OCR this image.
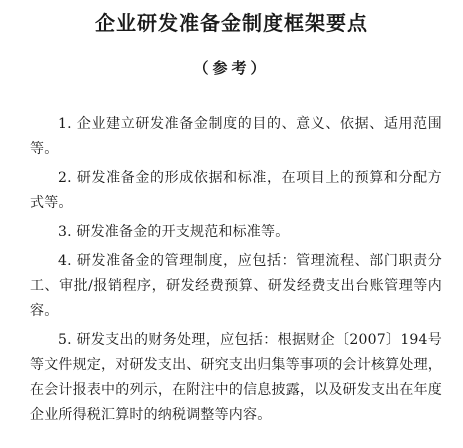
企业研发准备金制度框架要点
（参考）

1. 企业建立研发准备金制度的目的、意义、依据、适用范围等。

2. 研发准备金的形成依据和标准，在项目上的预算和分配方式等。

3. 研发准备金的开支规范和标准等。

4. 研发准备金的管理制度，应包括：管理流程、部门职责分工、审批/报销程序，研发经费预算、研发经费支出台账管理等内容。

5. 研发支出的财务处理，应包括：根据财企〔2007〕194号等文件规定，对研发支出、研究支出归集等事项的会计核算处理，在会计报表中的列示，在附注中的信息披露，以及研发支出在年度企业所得税汇算时的纳税调整等内容。
